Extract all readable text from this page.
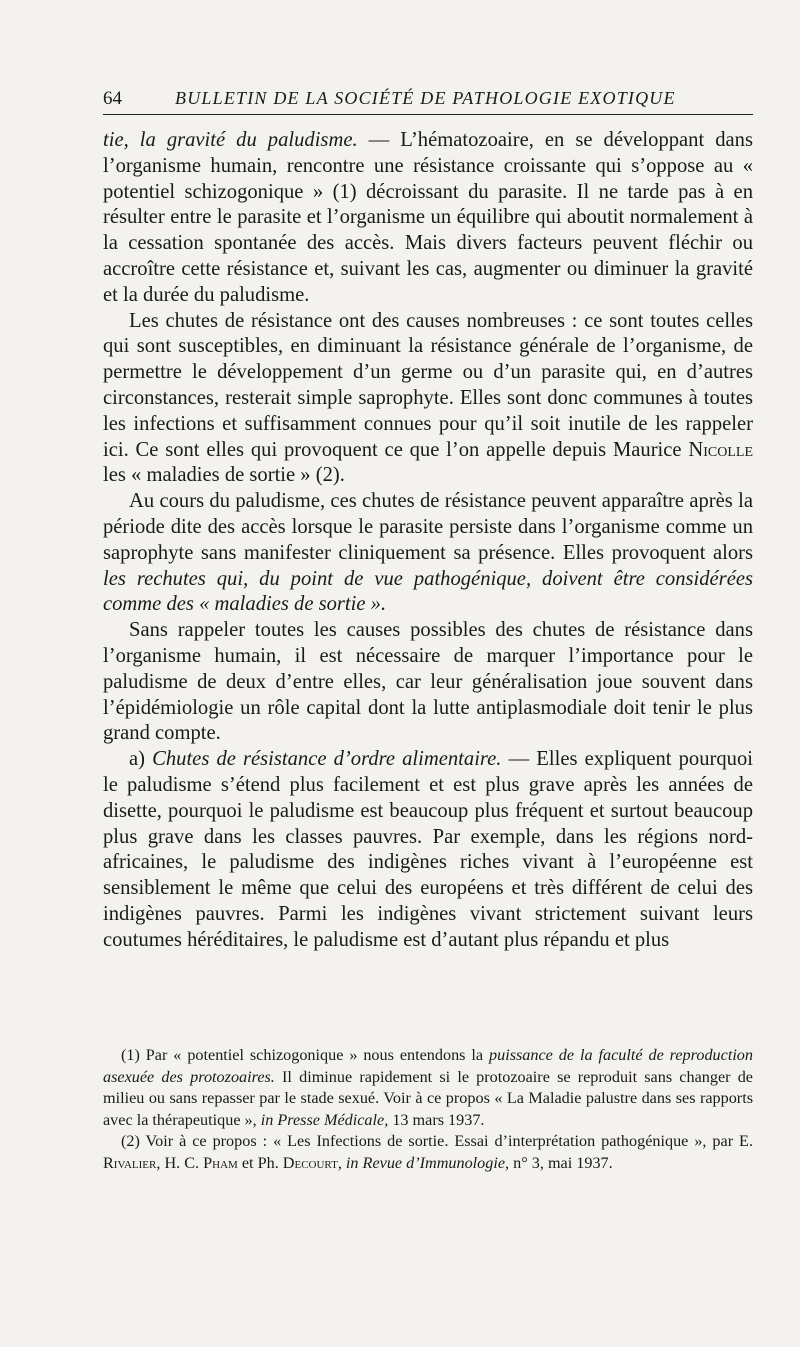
64	BULLETIN DE LA SOCIÉTÉ DE PATHOLOGIE EXOTIQUE

tie, la gravité du paludisme. — L’hématozoaire, en se développant dans l’organisme humain, rencontre une résistance croissante qui s’oppose au « potentiel schizogonique » (1) décroissant du parasite. Il ne tarde pas à en résulter entre le parasite et l’organisme un équilibre qui aboutit normalement à la cessation spontanée des accès. Mais divers facteurs peuvent fléchir ou accroître cette résistance et, suivant les cas, augmenter ou diminuer la gravité et la durée du paludisme.

Les chutes de résistance ont des causes nombreuses : ce sont toutes celles qui sont susceptibles, en diminuant la résistance générale de l’organisme, de permettre le développement d’un germe ou d’un parasite qui, en d’autres circonstances, resterait simple saprophyte. Elles sont donc communes à toutes les infections et suffisamment connues pour qu’il soit inutile de les rappeler ici. Ce sont elles qui provoquent ce que l’on appelle depuis Maurice Nicolle les « maladies de sortie » (2).

Au cours du paludisme, ces chutes de résistance peuvent apparaître après la période dite des accès lorsque le parasite persiste dans l’organisme comme un saprophyte sans manifester cliniquement sa présence. Elles provoquent alors les rechutes qui, du point de vue pathogénique, doivent être considérées comme des « maladies de sortie ».

Sans rappeler toutes les causes possibles des chutes de résistance dans l’organisme humain, il est nécessaire de marquer l’importance pour le paludisme de deux d’entre elles, car leur généralisation joue souvent dans l’épidémiologie un rôle capital dont la lutte antiplasmodiale doit tenir le plus grand compte.

a) Chutes de résistance d’ordre alimentaire. — Elles expliquent pourquoi le paludisme s’étend plus facilement et est plus grave après les années de disette, pourquoi le paludisme est beaucoup plus fréquent et surtout beaucoup plus grave dans les classes pauvres. Par exemple, dans les régions nord-africaines, le paludisme des indigènes riches vivant à l’européenne est sensiblement le même que celui des européens et très différent de celui des indigènes pauvres. Parmi les indigènes vivant strictement suivant leurs coutumes héréditaires, le paludisme est d’autant plus répandu et plus

(1) Par « potentiel schizogonique » nous entendons la puissance de la faculté de reproduction asexuée des protozoaires. Il diminue rapidement si le protozoaire se reproduit sans changer de milieu ou sans repasser par le stade sexué. Voir à ce propos « La Maladie palustre dans ses rapports avec la thérapeutique », in Presse Médicale, 13 mars 1937.

(2) Voir à ce propos : « Les Infections de sortie. Essai d’interprétation pathogénique », par E. Rivalier, H. C. Pham et Ph. Decourt, in Revue d’Immunologie, n° 3, mai 1937.
